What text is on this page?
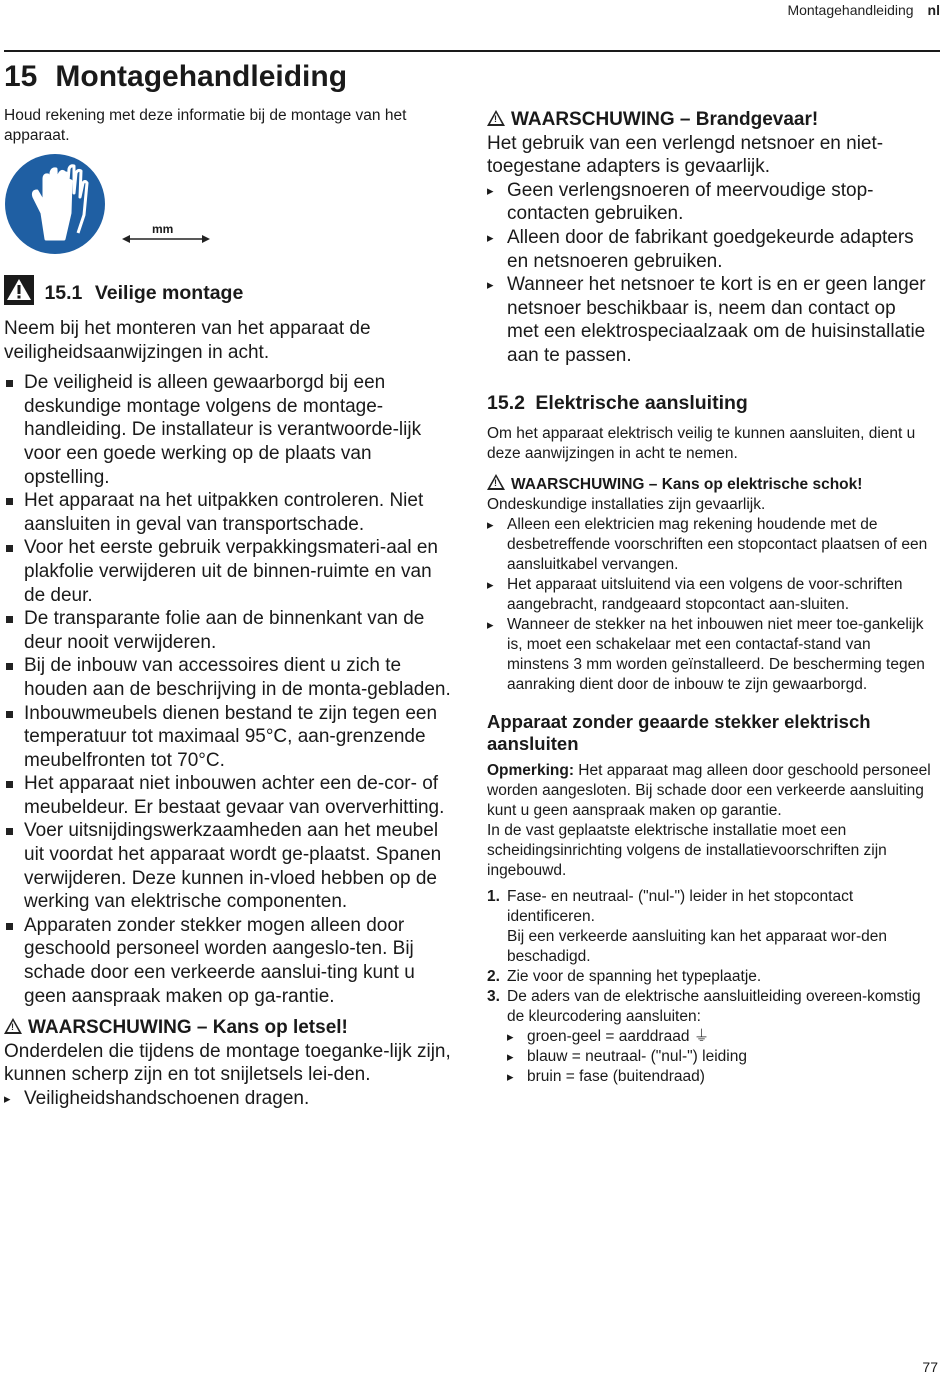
Montagehandleiding nl
15 Montagehandleiding
Houd rekening met deze informatie bij de montage van het apparaat.
mm
15.1 Veilige montage
Neem bij het monteren van het apparaat de veiligheidsaanwijzingen in acht.
De veiligheid is alleen gewaarborgd bij een deskundige montage volgens de montage-handleiding. De installateur is verantwoorde-lijk voor een goede werking op de plaats van opstelling.
Het apparaat na het uitpakken controleren. Niet aansluiten in geval van transportschade.
Voor het eerste gebruik verpakkingsmateri-aal en plakfolie verwijderen uit de binnen-ruimte en van de deur.
De transparante folie aan de binnenkant van de deur nooit verwijderen.
Bij de inbouw van accessoires dient u zich te houden aan de beschrijving in de monta-gebladen.
Inbouwmeubels dienen bestand te zijn tegen een temperatuur tot maximaal 95°C, aan-grenzende meubelfronten tot 70°C.
Het apparaat niet inbouwen achter een de-cor- of meubeldeur. Er bestaat gevaar van oververhitting.
Voer uitsnijdingswerkzaamheden aan het meubel uit voordat het apparaat wordt ge-plaatst. Spanen verwijderen. Deze kunnen in-vloed hebben op de werking van elektrische componenten.
Apparaten zonder stekker mogen alleen door geschoold personeel worden aangeslo-ten. Bij schade door een verkeerde aanslui-ting kunt u geen aanspraak maken op ga-rantie.
!WAARSCHUWING – Kans op letsel!
Onderdelen die tijdens de montage toeganke-lijk zijn, kunnen scherp zijn en tot snijletsels lei-den.
▸ Veiligheidshandschoenen dragen.
!WAARSCHUWING – Brandgevaar!
Het gebruik van een verlengd netsnoer en niet-toegestane adapters is gevaarlijk.
▸ Geen verlengsnoeren of meervoudige stop-contacten gebruiken.
▸ Alleen door de fabrikant goedgekeurde adapters en netsnoeren gebruiken.
▸ Wanneer het netsnoer te kort is en er geen langer netsnoer beschikbaar is, neem dan contact op met een elektrospeciaalzaak om de huisinstallatie aan te passen.
15.2 Elektrische aansluiting
Om het apparaat elektrisch veilig te kunnen aansluiten, dient u deze aanwijzingen in acht te nemen.
!WAARSCHUWING – Kans op elektrische schok!
Ondeskundige installaties zijn gevaarlijk.
▸ Alleen een elektricien mag rekening houdende met de desbetreffende voorschriften een stopcontact plaatsen of een aansluitkabel vervangen.
▸ Het apparaat uitsluitend via een volgens de voor-schriften aangebracht, randgeaard stopcontact aan-sluiten.
▸ Wanneer de stekker na het inbouwen niet meer toe-gankelijk is, moet een schakelaar met een contactaf-stand van minstens 3 mm worden geïnstalleerd. De bescherming tegen aanraking dient door de inbouw te zijn gewaarborgd.
Apparaat zonder geaarde stekker elektrisch aansluiten
Opmerking: Het apparaat mag alleen door geschoold personeel worden aangesloten. Bij schade door een verkeerde aansluiting kunt u geen aanspraak maken op garantie.
In de vast geplaatste elektrische installatie moet een scheidingsinrichting volgens de installatievoorschriften zijn ingebouwd.
1. Fase- en neutraal- ("nul-") leider in het stopcontact identificeren.
Bij een verkeerde aansluiting kan het apparaat wor-den beschadigd.
2. Zie voor de spanning het typeplaatje.
3. De aders van de elektrische aansluitleiding overeen-komstig de kleurcodering aansluiten:
▸ groen-geel = aarddraad ⏚
▸ blauw = neutraal- ("nul-") leiding
▸ bruin = fase (buitendraad)
77
